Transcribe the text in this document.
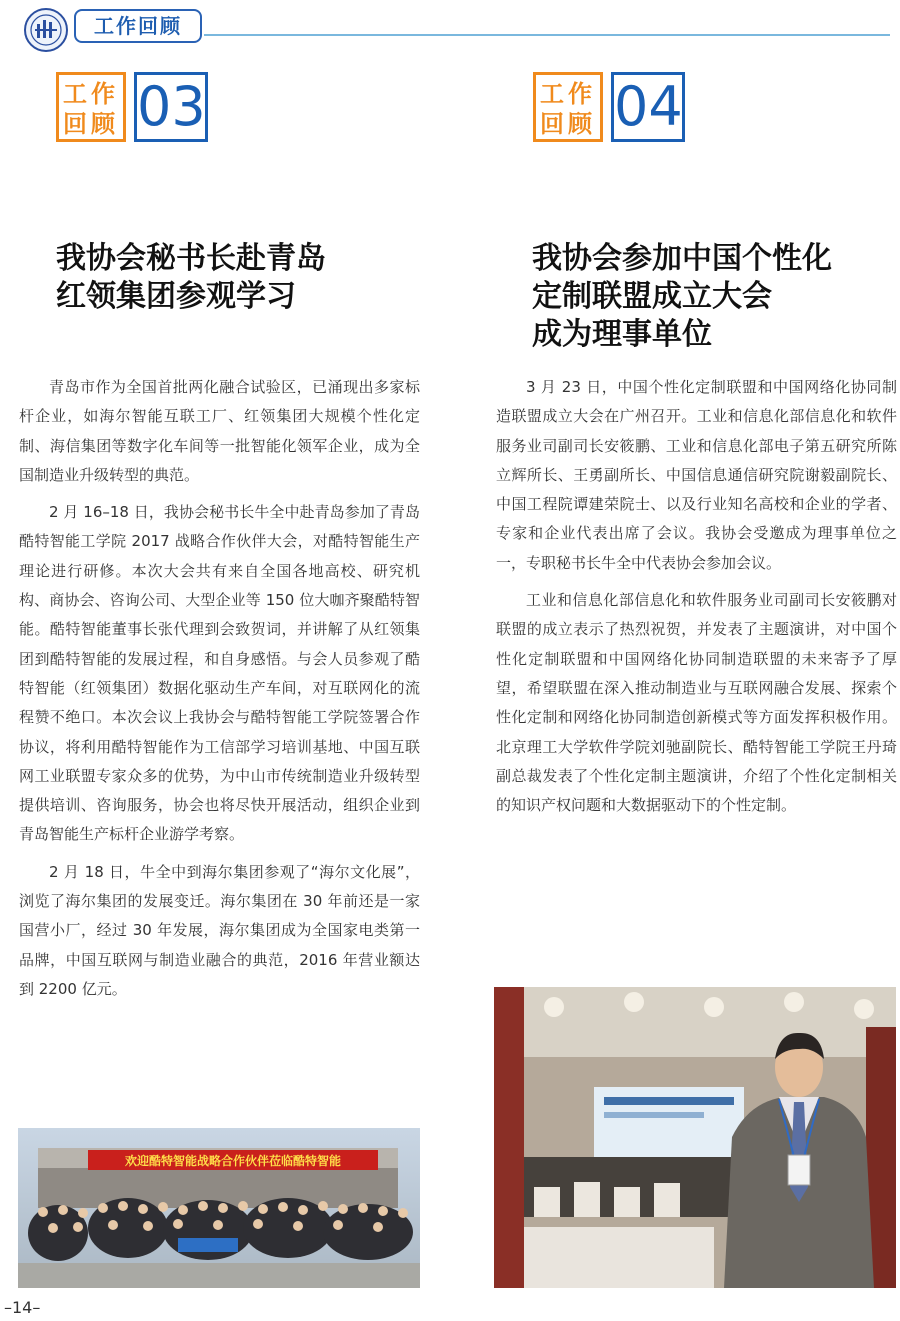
工作回顾
工作
回顾 03
我协会秘书长赴青岛
红领集团参观学习

青岛市作为全国首批两化融合试验区，已涌现出多家标杆企业，如海尔智能互联工厂、红领集团大规模个性化定制、海信集团等数字化车间等一批智能化领军企业，成为全国制造业升级转型的典范。

2 月 16–18 日，我协会秘书长牛全中赴青岛参加了青岛酷特智能工学院 2017 战略合作伙伴大会，对酷特智能生产理论进行研修。本次大会共有来自全国各地高校、研究机构、商协会、咨询公司、大型企业等 150 位大咖齐聚酷特智能。酷特智能董事长张代理到会致贺词，并讲解了从红领集团到酷特智能的发展过程，和自身感悟。与会人员参观了酷特智能（红领集团）数据化驱动生产车间，对互联网化的流程赞不绝口。本次会议上我协会与酷特智能工学院签署合作协议，将利用酷特智能作为工信部学习培训基地、中国互联网工业联盟专家众多的优势，为中山市传统制造业升级转型提供培训、咨询服务，协会也将尽快开展活动，组织企业到青岛智能生产标杆企业游学考察。

2 月 18 日，牛全中到海尔集团参观了“海尔文化展”，浏览了海尔集团的发展变迁。海尔集团在 30 年前还是一家国营小厂，经过 30 年发展，海尔集团成为全国家电类第一品牌，中国互联网与制造业融合的典范，2016 年营业额达到 2200 亿元。

欢迎酷特智能战略合作伙伴莅临酷特智能
工作
回顾 04
我协会参加中国个性化
定制联盟成立大会
成为理事单位

3 月 23 日，中国个性化定制联盟和中国网络化协同制造联盟成立大会在广州召开。工业和信息化部信息化和软件服务业司副司长安筱鹏、工业和信息化部电子第五研究所陈立辉所长、王勇副所长、中国信息通信研究院谢毅副院长、中国工程院谭建荣院士、以及行业知名高校和企业的学者、专家和企业代表出席了会议。我协会受邀成为理事单位之一，专职秘书长牛全中代表协会参加会议。

工业和信息化部信息化和软件服务业司副司长安筱鹏对联盟的成立表示了热烈祝贺，并发表了主题演讲，对中国个性化定制联盟和中国网络化协同制造联盟的未来寄予了厚望，希望联盟在深入推动制造业与互联网融合发展、探索个性化定制和网络化协同制造创新模式等方面发挥积极作用。北京理工大学软件学院刘驰副院长、酷特智能工学院王丹琦副总裁发表了个性化定制主题演讲，介绍了个性化定制相关的知识产权问题和大数据驱动下的个性定制。

–14–
